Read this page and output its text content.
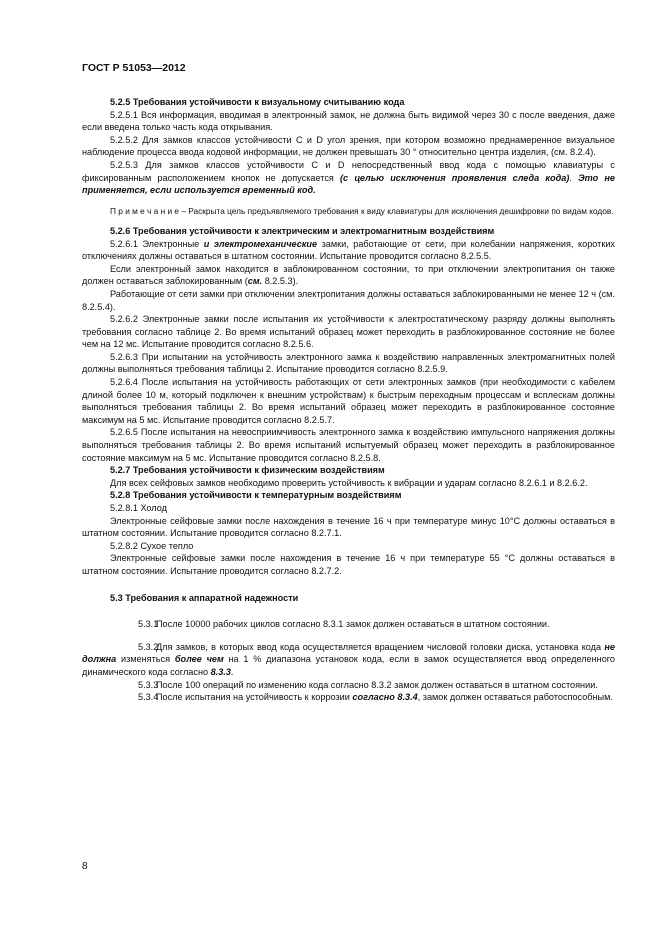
ГОСТ Р 51053—2012

5.2.5 Требования устойчивости к визуальному считыванию кода

5.2.5.1 Вся информация, вводимая в электронный замок, не должна быть видимой через 30 с после введения, даже если введена только часть кода открывания.

5.2.5.2 Для замков классов устойчивости С и D угол зрения, при котором возможно преднамеренное визуальное наблюдение процесса ввода кодовой информации, не должен превышать 30 ° относительно центра изделия, (см. 8.2.4).

5.2.5.3 Для замков классов устойчивости С и D непосредственный ввод кода с помощью клавиатуры с фиксированным расположением кнопок не допускается (с целью исключения проявления следа кода). Это не применяется, если используется временный код.

П р и м е ч а н и е – Раскрыта цель предъявляемого требования к виду клавиатуры для исключения дешифровки по видам кодов.

5.2.6 Требования устойчивости к электрическим и электромагнитным воздействиям

5.2.6.1 Электронные и электромеханические замки, работающие от сети, при колебании напряжения, коротких отключениях должны оставаться в штатном состоянии. Испытание проводится согласно 8.2.5.5.

Если электронный замок находится в заблокированном состоянии, то при отключении электропитания он также должен оставаться заблокированным (см. 8.2.5.3).

Работающие от сети замки при отключении электропитания должны оставаться заблокированными не менее 12 ч (см. 8.2.5.4).

5.2.6.2 Электронные замки после испытания их устойчивости к электростатическому разряду должны выполнять требования согласно таблице 2. Во время испытаний образец может переходить в разблокированное состояние не более чем на 12 мс. Испытание проводится согласно 8.2.5.6.

5.2.6.3 При испытании на устойчивость электронного замка к воздействию направленных электромагнитных полей должны выполняться требования таблицы 2. Испытание проводится согласно 8.2.5.9.

5.2.6.4 После испытания на устойчивость работающих от сети электронных замков (при необходимости с кабелем длиной более 10 м, который подключен к внешним устройствам) к быстрым переходным процессам и всплескам должны выполняться требования таблицы 2. Во время испытаний образец может переходить в разблокированное состояние максимум на 5 мс. Испытание проводится согласно 8.2.5.7.

5.2.6.5 После испытания на невосприимчивость электронного замка к воздействию импульсного напряжения должны выполняться требования таблицы 2. Во время испытаний испытуемый образец может переходить в разблокированное состояние максимум на 5 мс. Испытание проводится согласно 8.2.5.8.

5.2.7 Требования устойчивости к физическим воздействиям

Для всех сейфовых замков необходимо проверить устойчивость к вибрации и ударам согласно 8.2.6.1 и 8.2.6.2.

5.2.8 Требования устойчивости к температурным воздействиям

5.2.8.1 Холод

Электронные сейфовые замки после нахождения в течение 16 ч при температуре минус 10°С должны оставаться в штатном состоянии. Испытание проводится согласно 8.2.7.1.

5.2.8.2 Сухое тепло

Электронные сейфовые замки после нахождения в течение 16 ч при температуре 55 °С должны оставаться в штатном состоянии. Испытание проводится согласно 8.2.7.2.

5.3 Требования к аппаратной надежности

5.3.1После 10000 рабочих циклов согласно 8.3.1 замок должен оставаться в штатном состоянии.

5.3.2Для замков, в которых ввод кода осуществляется вращением числовой головки диска, установка кода не должна изменяться более чем на 1 % диапазона установок кода, если в замок осуществляется ввод определенного динамического кода согласно 8.3.3.

5.3.3После 100 операций по изменению кода согласно 8.3.2 замок должен оставаться в штатном состоянии.

5.3.4После испытания на устойчивость к коррозии согласно 8.3.4, замок должен оставаться работоспособным.

8
